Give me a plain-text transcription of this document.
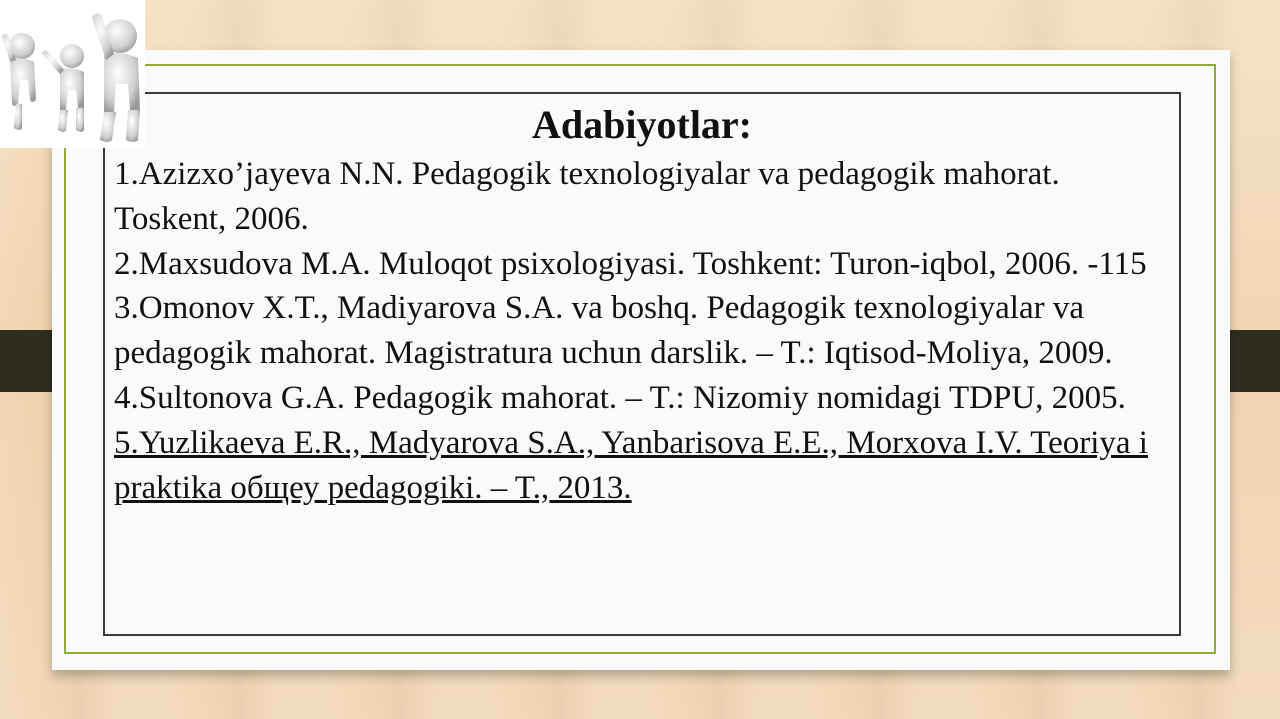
Adabiyotlar:
1.Azizxo’jayeva N.N. Pedagogik texnologiyalar va pedagogik mahorat. Toskent, 2006.
2.Maxsudova M.A. Muloqot psixologiyasi. Toshkent: Turon-iqbol, 2006. -115
3.Omonov X.T., Madiyarova S.A. va boshq. Pedagogik texnologiyalar va pedagogik mahorat. Magistratura uchun darslik. – T.: Iqtisod-Moliya, 2009.
4.Sultonova G.A. Pedagogik mahorat. – T.: Nizomiy nomidagi TDPU, 2005.
5.Yuzlikaeva E.R., Madyarova S.A., Yanbarisova E.E., Morxova I.V. Teoriya i praktika общеу pedagogiki. – T., 2013.
